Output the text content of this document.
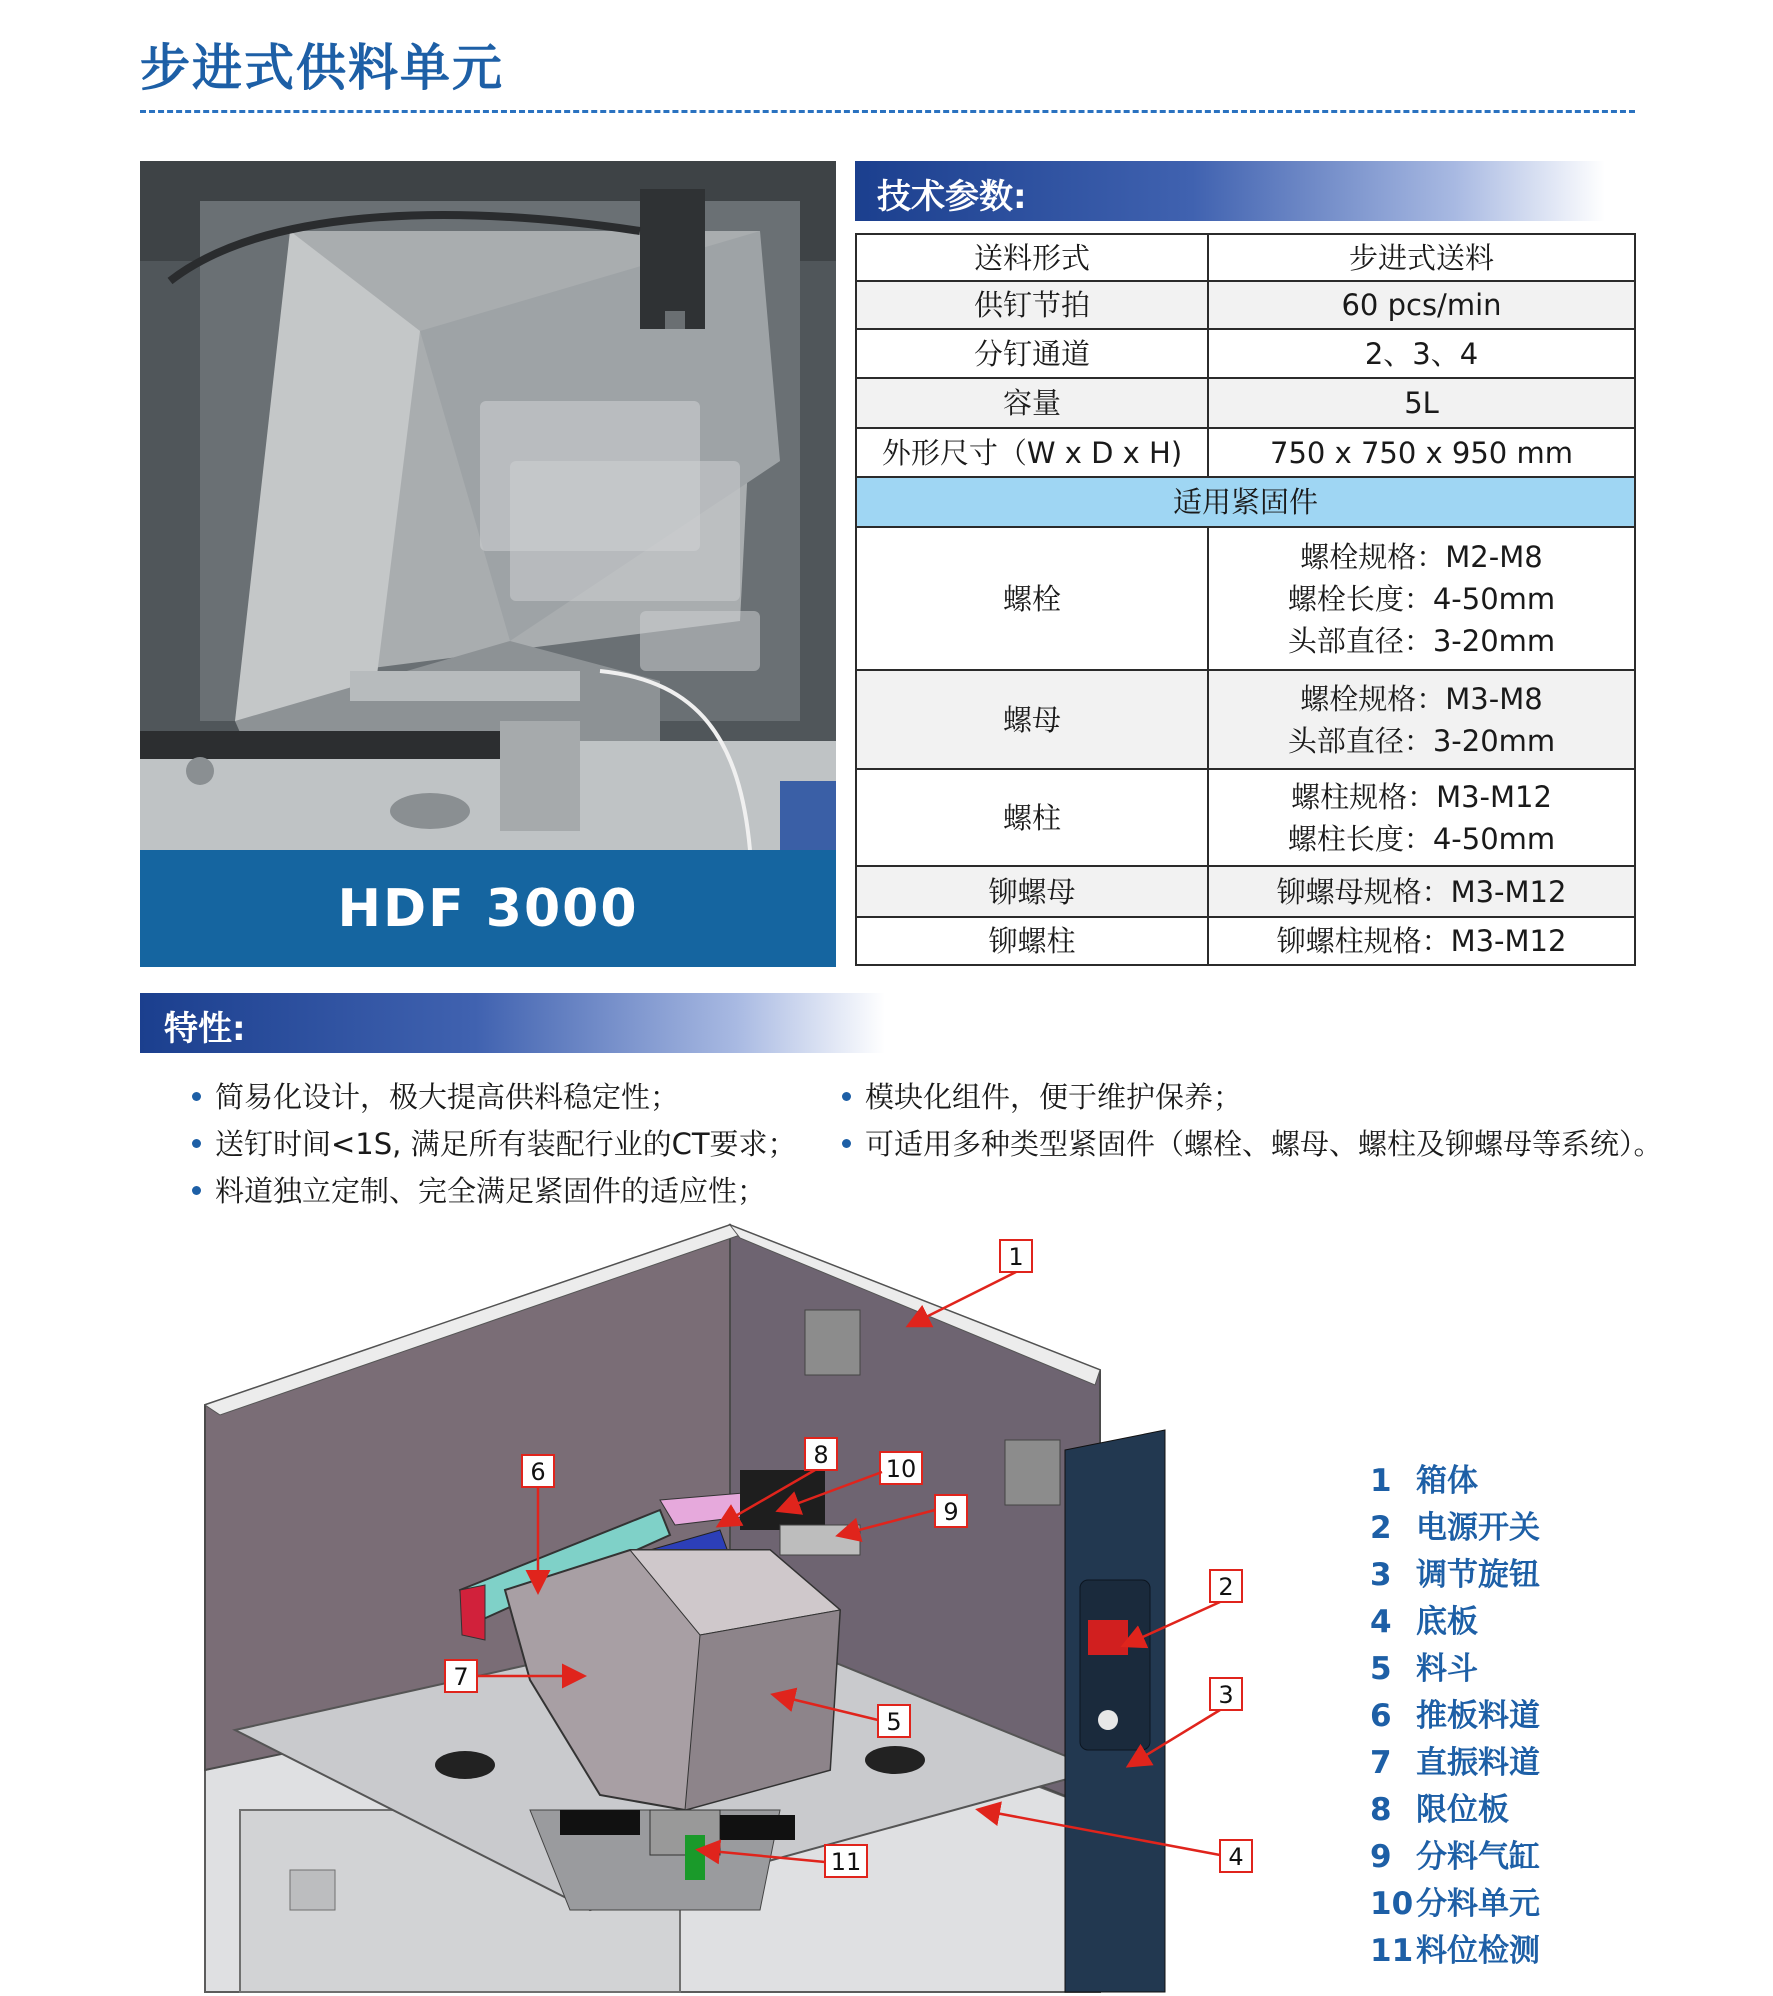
步进式供料单元
HDF 3000
技术参数:
送料形式	步进式送料
供钉节拍	60 pcs/min
分钉通道	2、3、4
容量	5L
外形尺寸（W x D x H)	750 x 750 x 950 mm
适用紧固件	
螺栓	螺栓规格：M2-M8
螺栓长度：4-50mm
头部直径：3-20mm

螺母	螺栓规格：M3-M8
头部直径：3-20mm

螺柱	螺柱规格：M3-M12
螺柱长度：4-50mm

铆螺母	铆螺母规格：M3-M12
铆螺柱	铆螺柱规格：M3-M12
特性:
简易化设计，极大提高供料稳定性；
送钉时间<1S, 满足所有装配行业的CT要求；
料道独立定制、完全满足紧固件的适应性；
模块化组件，便于维护保养；
可适用多种类型紧固件（螺栓、螺母、螺柱及铆螺母等系统）。
1
2
3
4
5
6
7
8
9
10
11
1 箱体
2 电源开关
3 调节旋钮
4 底板
5 料斗
6 推板料道
7 直振料道
8 限位板
9 分料气缸
10分料单元
11料位检测
